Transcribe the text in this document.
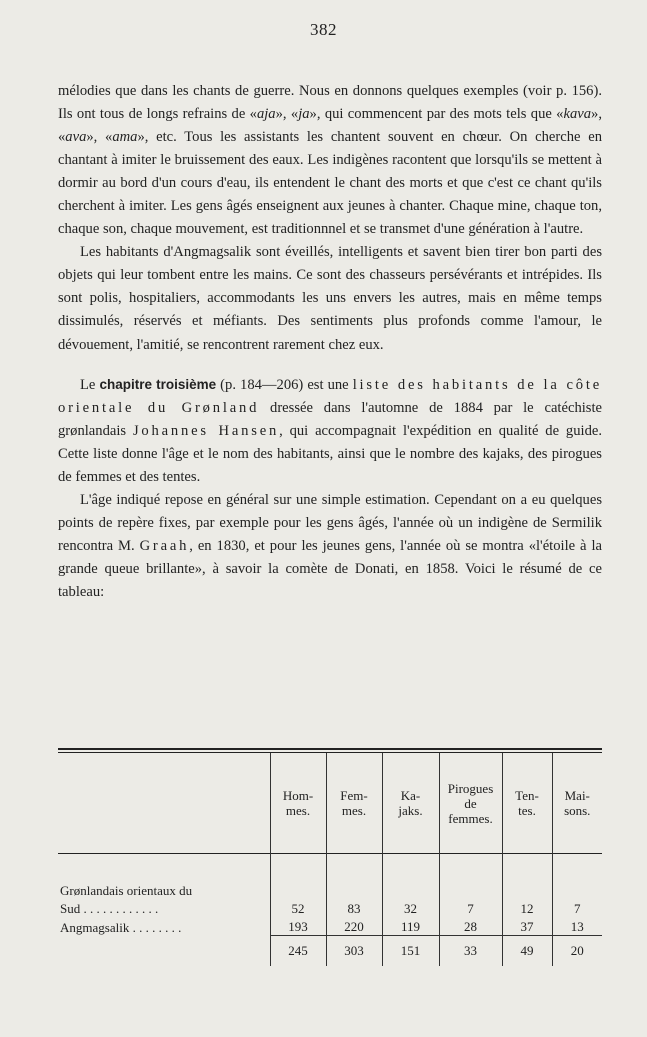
382

mélodies que dans les chants de guerre. Nous en donnons quelques exemples (voir p. 156). Ils ont tous de longs refrains de «aja», «ja», qui commencent par des mots tels que «kava», «ava», «ama», etc. Tous les assistants les chantent souvent en chœur. On cherche en chantant à imiter le bruissement des eaux. Les indigènes racontent que lorsqu'ils se mettent à dormir au bord d'un cours d'eau, ils entendent le chant des morts et que c'est ce chant qu'ils cherchent à imiter. Les gens âgés enseignent aux jeunes à chanter. Chaque mine, chaque ton, chaque son, chaque mouvement, est traditionnnel et se transmet d'une génération à l'autre.

Les habitants d'Angmagsalik sont éveillés, intelligents et savent bien tirer bon parti des objets qui leur tombent entre les mains. Ce sont des chasseurs persévérants et intrépides. Ils sont polis, hospitaliers, accommodants les uns envers les autres, mais en même temps dissimulés, réservés et méfiants. Des sentiments plus profonds comme l'amour, le dévouement, l'amitié, se rencontrent rarement chez eux.

Le chapitre troisième (p. 184—206) est une liste des habitants de la côte orientale du Grønland dressée dans l'automne de 1884 par le catéchiste grønlandais Johannes Hansen, qui accompagnait l'expédition en qualité de guide. Cette liste donne l'âge et le nom des habitants, ainsi que le nombre des kajaks, des pirogues de femmes et des tentes.

L'âge indiqué repose en général sur une simple estimation. Cependant on a eu quelques points de repère fixes, par exemple pour les gens âgés, l'année où un indigène de Sermilik rencontra M. Graah, en 1830, et pour les jeunes gens, l'année où se montra «l'étoile à la grande queue brillante», à savoir la comète de Donati, en 1858. Voici le résumé de ce tableau:

	Hom-
mes.	Fem-
mes.	Ka-
jaks.	Pirogues
de
femmes.	Ten-
tes.	Mai-
sons.

Grønlandais orientaux du						
Sud . . . . . . . . . . . .	52	83	32	7	12	7
Angmagsalik . . . . . . . .	193	220	119	28	37	13
	245	303	151	33	49	20
